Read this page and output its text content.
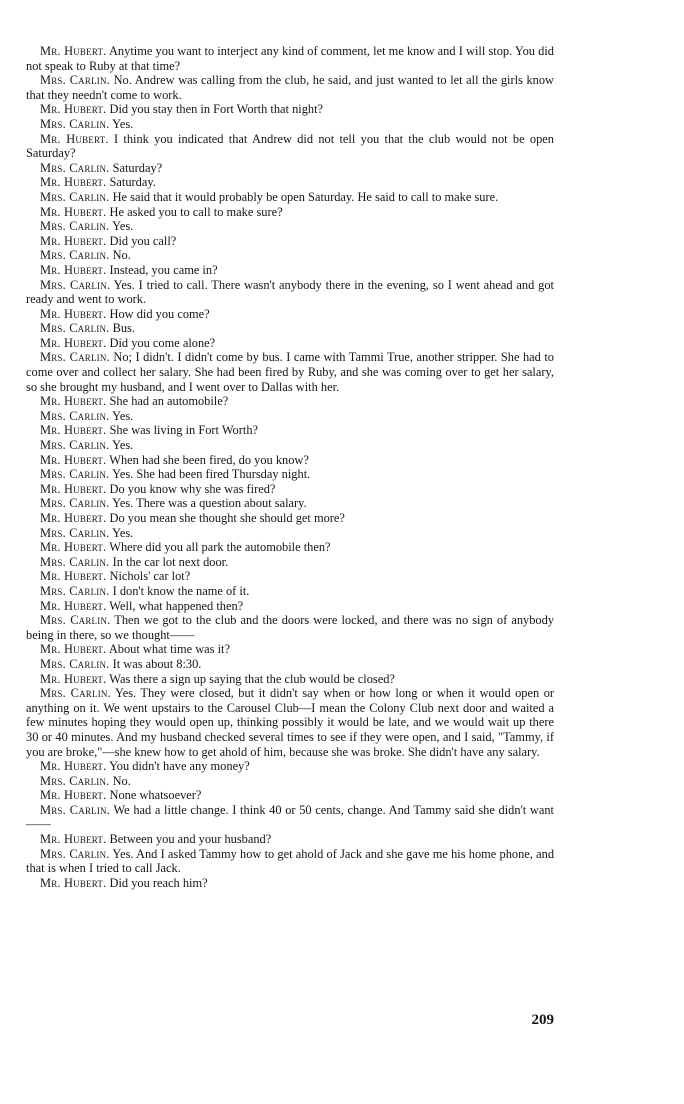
Mr. Hubert. Anytime you want to interject any kind of comment, let me know and I will stop. You did not speak to Ruby at that time?

Mrs. Carlin. No. Andrew was calling from the club, he said, and just wanted to let all the girls know that they needn't come to work.

Mr. Hubert. Did you stay then in Fort Worth that night?

Mrs. Carlin. Yes.

Mr. Hubert. I think you indicated that Andrew did not tell you that the club would not be open Saturday?

Mrs. Carlin. Saturday?

Mr. Hubert. Saturday.

Mrs. Carlin. He said that it would probably be open Saturday. He said to call to make sure.

Mr. Hubert. He asked you to call to make sure?

Mrs. Carlin. Yes.

Mr. Hubert. Did you call?

Mrs. Carlin. No.

Mr. Hubert. Instead, you came in?

Mrs. Carlin. Yes. I tried to call. There wasn't anybody there in the evening, so I went ahead and got ready and went to work.

Mr. Hubert. How did you come?

Mrs. Carlin. Bus.

Mr. Hubert. Did you come alone?

Mrs. Carlin. No; I didn't. I didn't come by bus. I came with Tammi True, another stripper. She had to come over and collect her salary. She had been fired by Ruby, and she was coming over to get her salary, so she brought my husband, and I went over to Dallas with her.

Mr. Hubert. She had an automobile?

Mrs. Carlin. Yes.

Mr. Hubert. She was living in Fort Worth?

Mrs. Carlin. Yes.

Mr. Hubert. When had she been fired, do you know?

Mrs. Carlin. Yes. She had been fired Thursday night.

Mr. Hubert. Do you know why she was fired?

Mrs. Carlin. Yes. There was a question about salary.

Mr. Hubert. Do you mean she thought she should get more?

Mrs. Carlin. Yes.

Mr. Hubert. Where did you all park the automobile then?

Mrs. Carlin. In the car lot next door.

Mr. Hubert. Nichols' car lot?

Mrs. Carlin. I don't know the name of it.

Mr. Hubert. Well, what happened then?

Mrs. Carlin. Then we got to the club and the doors were locked, and there was no sign of anybody being in there, so we thought——

Mr. Hubert. About what time was it?

Mrs. Carlin. It was about 8:30.

Mr. Hubert. Was there a sign up saying that the club would be closed?

Mrs. Carlin. Yes. They were closed, but it didn't say when or how long or when it would open or anything on it. We went upstairs to the Carousel Club—I mean the Colony Club next door and waited a few minutes hoping they would open up, thinking possibly it would be late, and we would wait up there 30 or 40 minutes. And my husband checked several times to see if they were open, and I said, "Tammy, if you are broke,"—she knew how to get ahold of him, because she was broke. She didn't have any salary.

Mr. Hubert. You didn't have any money?

Mrs. Carlin. No.

Mr. Hubert. None whatsoever?

Mrs. Carlin. We had a little change. I think 40 or 50 cents, change. And Tammy said she didn't want——

Mr. Hubert. Between you and your husband?

Mrs. Carlin. Yes. And I asked Tammy how to get ahold of Jack and she gave me his home phone, and that is when I tried to call Jack.

Mr. Hubert. Did you reach him?

209
